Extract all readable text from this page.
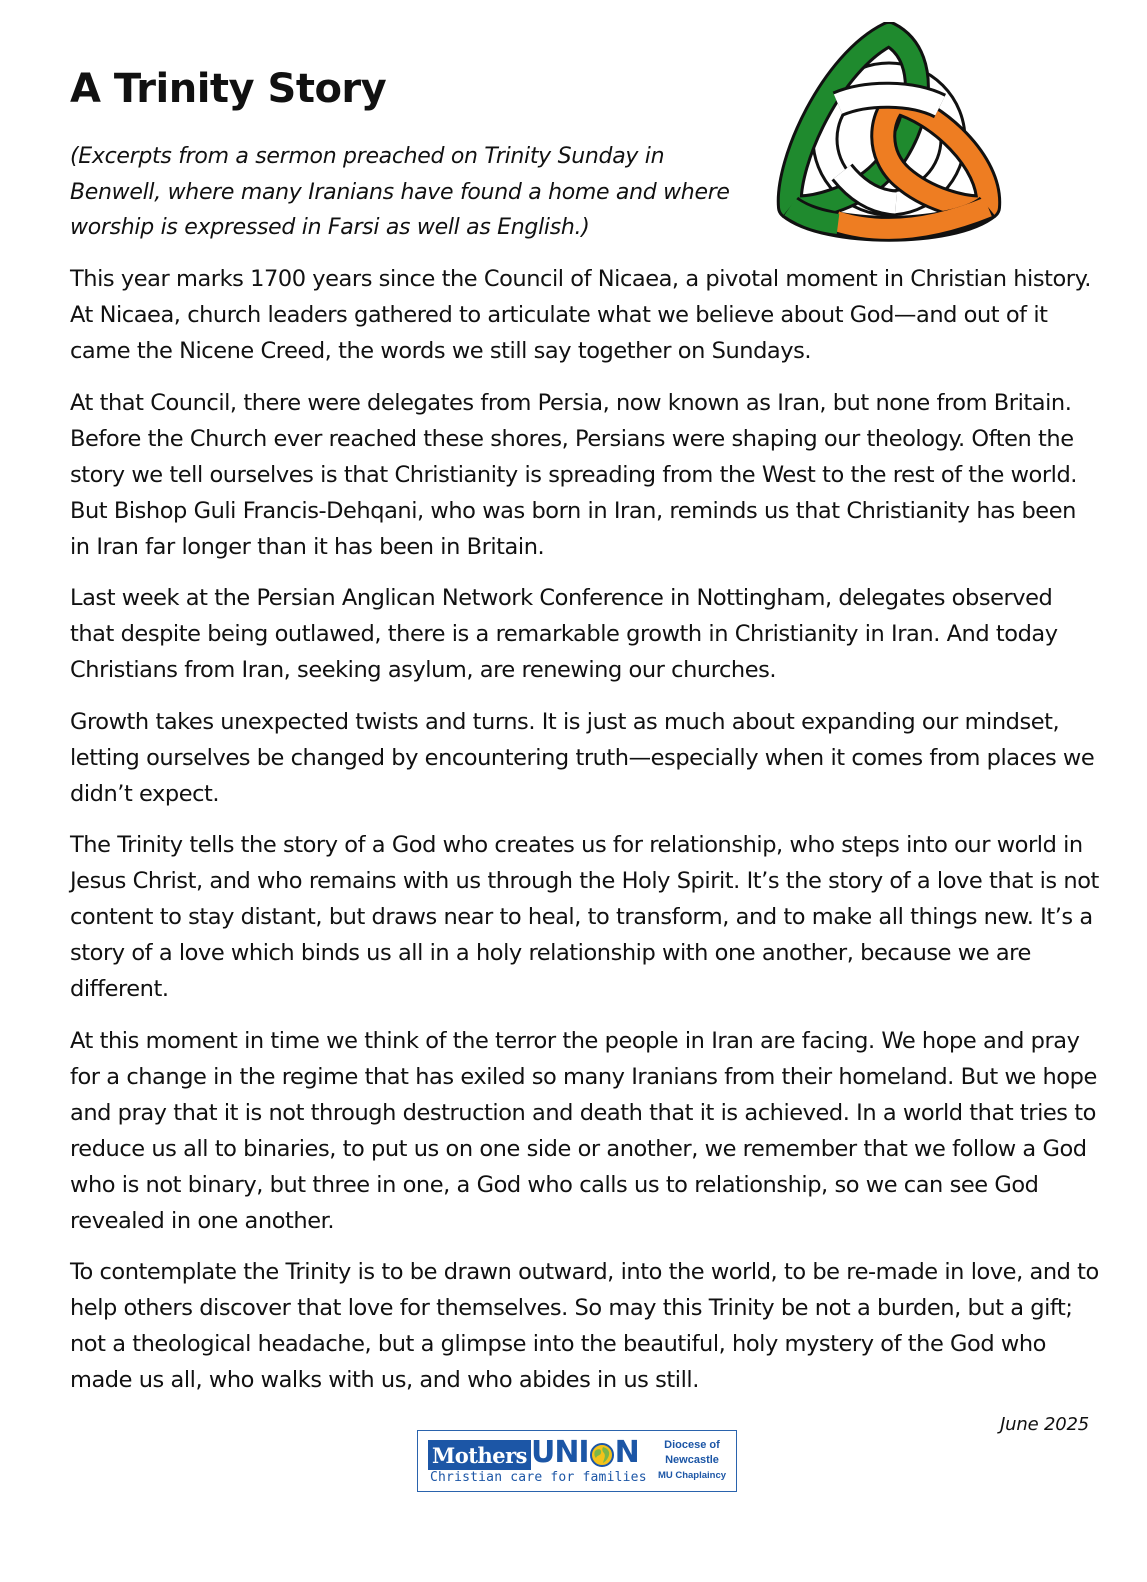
A Trinity Story

(Excerpts from a sermon preached on Trinity Sunday in Benwell, where many Iranians have found a home and where worship is expressed in Farsi as well as English.)

This year marks 1700 years since the Council of Nicaea, a pivotal moment in Christian history. At Nicaea, church leaders gathered to articulate what we believe about God—and out of it came the Nicene Creed, the words we still say together on Sundays.

At that Council, there were delegates from Persia, now known as Iran, but none from Britain. Before the Church ever reached these shores, Persians were shaping our theology. Often the story we tell ourselves is that Christianity is spreading from the West to the rest of the world. But Bishop Guli Francis-Dehqani, who was born in Iran, reminds us that Christianity has been in Iran far longer than it has been in Britain.

Last week at the Persian Anglican Network Conference in Nottingham, delegates observed that despite being outlawed, there is a remarkable growth in Christianity in Iran. And today Christians from Iran, seeking asylum, are renewing our churches.

Growth takes unexpected twists and turns. It is just as much about expanding our mindset, letting ourselves be changed by encountering truth—especially when it comes from places we didn’t expect.

The Trinity tells the story of a God who creates us for relationship, who steps into our world in Jesus Christ, and who remains with us through the Holy Spirit. It’s the story of a love that is not content to stay distant, but draws near to heal, to transform, and to make all things new. It’s a story of a love which binds us all in a holy relationship with one another, because we are different.

At this moment in time we think of the terror the people in Iran are facing. We hope and pray for a change in the regime that has exiled so many Iranians from their homeland. But we hope and pray that it is not through destruction and death that it is achieved. In a world that tries to reduce us all to binaries, to put us on one side or another, we remember that we follow a God who is not binary, but three in one, a God who calls us to relationship, so we can see God revealed in one another.

To contemplate the Trinity is to be drawn outward, into the world, to be re-made in love, and to help others discover that love for themselves. So may this Trinity be not a burden, but a gift; not a theological headache, but a glimpse into the beautiful, holy mystery of the God who made us all, who walks with us, and who abides in us still.

June 2025

Mothers UNI N
Christian care for families
Diocese of
Newcastle
MU Chaplaincy
